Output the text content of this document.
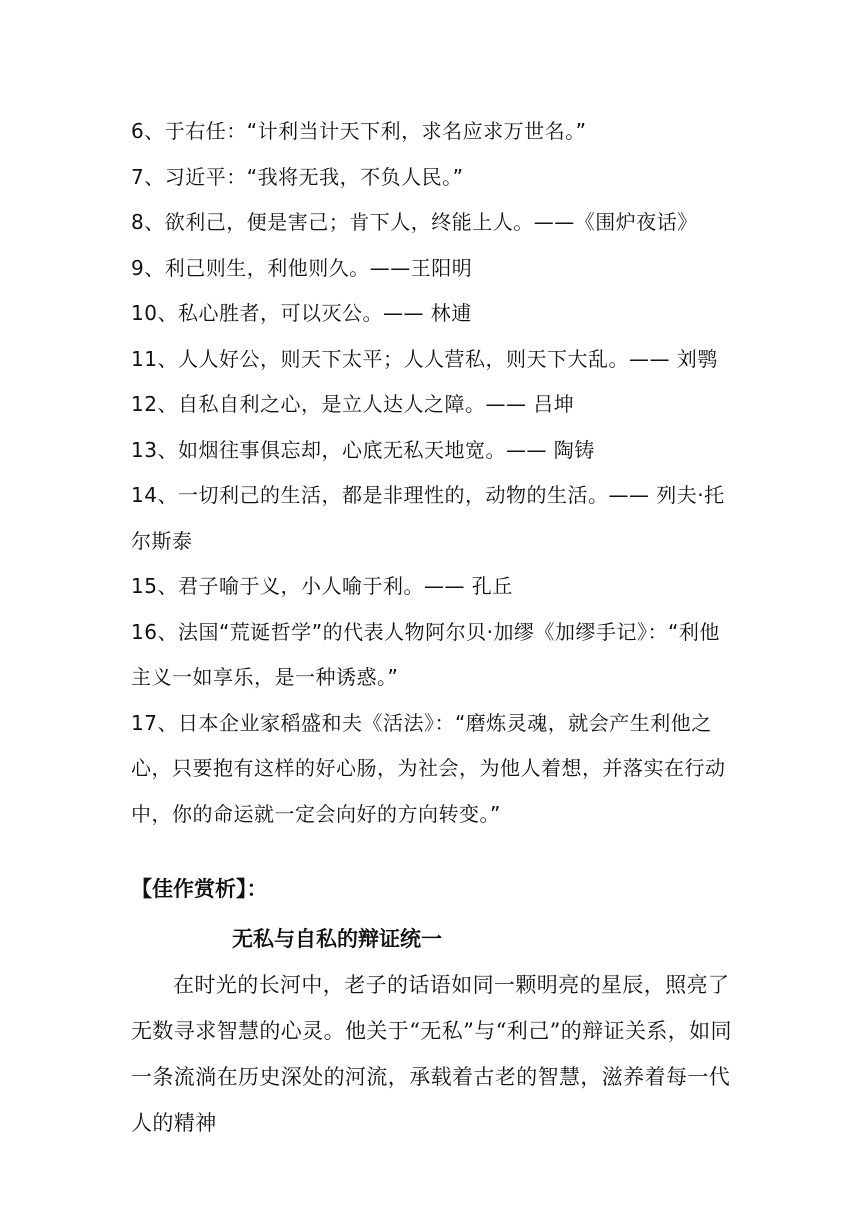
6、于右任：“计利当计天下利，求名应求万世名。”

7、习近平：“我将无我，不负人民。”

8、欲利己，便是害己；肯下人，终能上人。——《围炉夜话》

9、利己则生，利他则久。——王阳明

10、私心胜者，可以灭公。—— 林逋

11、人人好公，则天下太平；人人营私，则天下大乱。—— 刘鹗

12、自私自利之心，是立人达人之障。—— 吕坤

13、如烟往事俱忘却，心底无私天地宽。—— 陶铸

14、一切利己的生活，都是非理性的，动物的生活。—— 列夫·托尔斯泰

15、君子喻于义，小人喻于利。—— 孔丘

16、法国“荒诞哲学”的代表人物阿尔贝·加缪《加缪手记》：“利他主义一如享乐，是一种诱惑。”

17、日本企业家稻盛和夫《活法》：“磨炼灵魂，就会产生利他之心，只要抱有这样的好心肠，为社会，为他人着想，并落实在行动中，你的命运就一定会向好的方向转变。”

【佳作赏析】：
无私与自私的辩证统一

在时光的长河中，老子的话语如同一颗明亮的星辰，照亮了无数寻求智慧的心灵。他关于“无私”与“利己”的辩证关系，如同一条流淌在历史深处的河流，承载着古老的智慧，滋养着每一代人的精神
